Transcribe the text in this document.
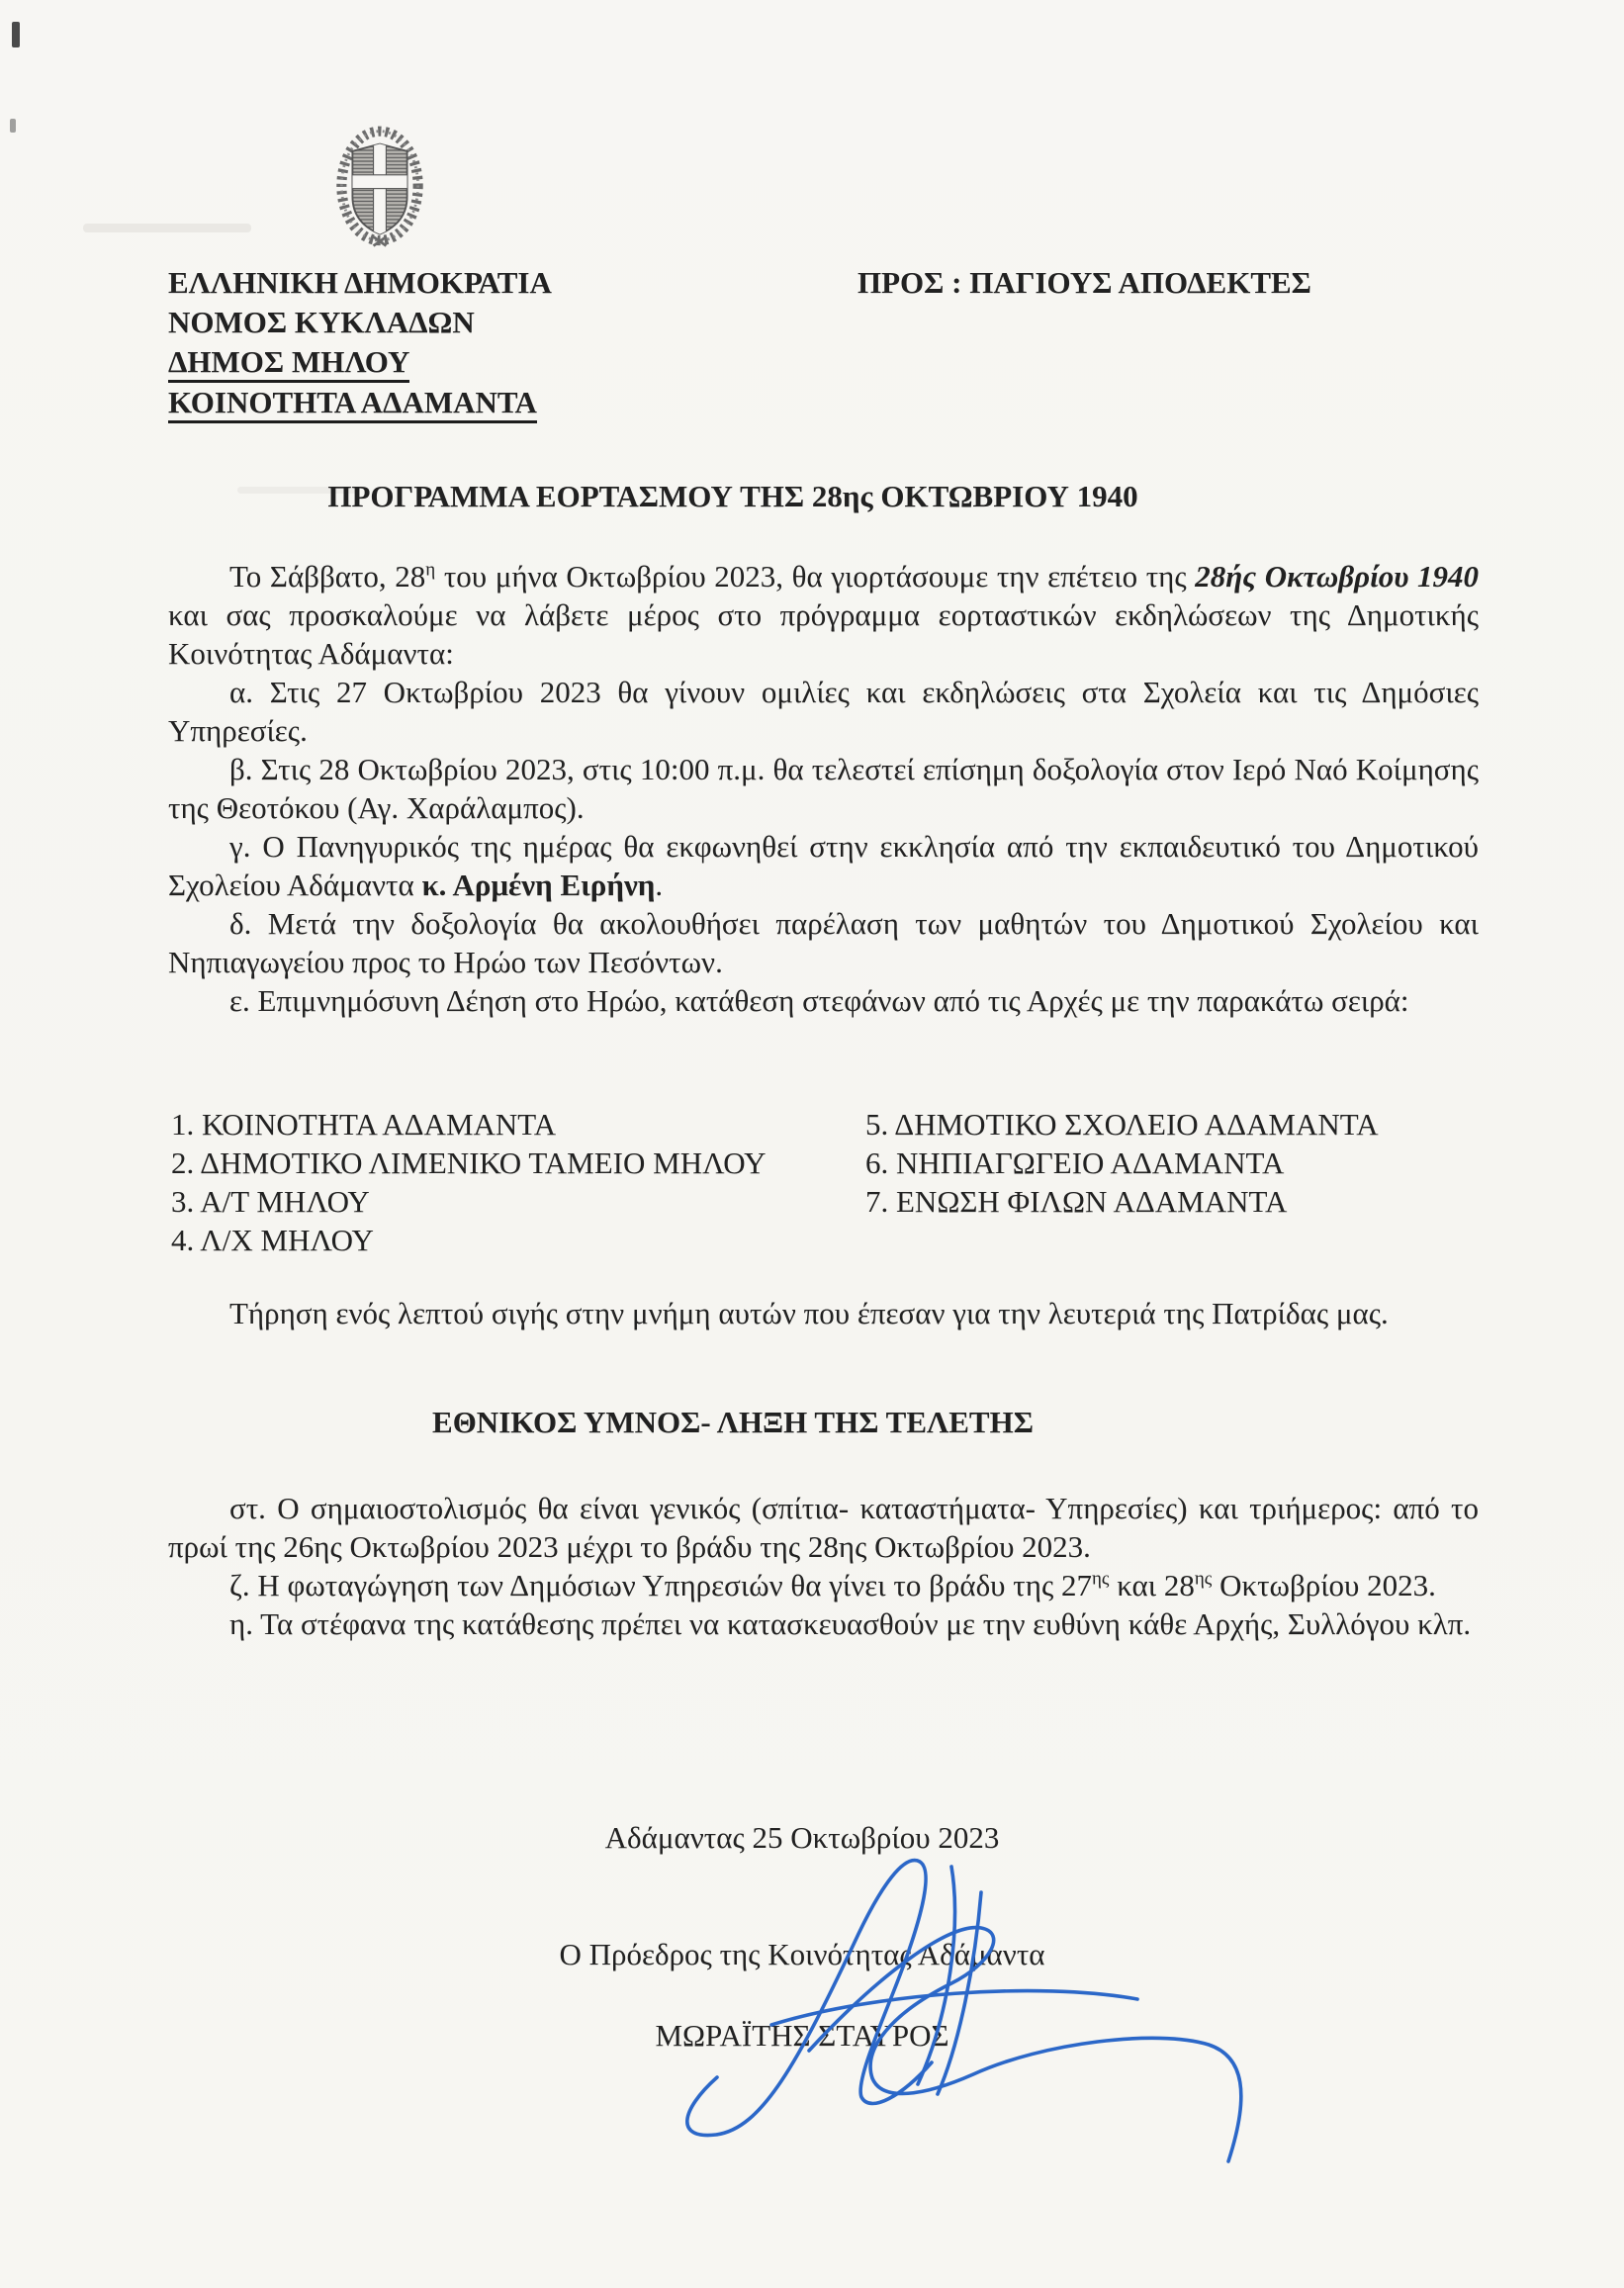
ΕΛΛΗΝΙΚΗ ΔΗΜΟΚΡΑΤΙΑ
ΝΟΜΟΣ ΚΥΚΛΑΔΩΝ
ΔΗΜΟΣ ΜΗΛΟΥ
ΚΟΙΝΟΤΗΤΑ ΑΔΑΜΑΝΤΑ
ΠΡΟΣ : ΠΑΓΙΟΥΣ ΑΠΟΔΕΚΤΕΣ
ΠΡΟΓΡΑΜΜΑ ΕΟΡΤΑΣΜΟΥ ΤΗΣ 28ης ΟΚΤΩΒΡΙΟΥ 1940

Το Σάββατο, $28^\eta$ του μήνα Οκτωβρίου 2023, θα γιορτάσουμε την επέτειο της 28ής Οκτωβρίου 1940 και σας προσκαλούμε να λάβετε μέρος στο πρόγραμμα εορταστικών εκδηλώσεων της Δημοτικής Κοινότητας Αδάμαντα:

α. Στις 27 Οκτωβρίου 2023 θα γίνουν ομιλίες και εκδηλώσεις στα Σχολεία και τις Δημόσιες Υπηρεσίες.

β. Στις 28 Οκτωβρίου 2023, στις 10:00 π.μ. θα τελεστεί επίσημη δοξολογία στον Ιερό Ναό Κοίμησης της Θεοτόκου (Αγ. Χαράλαμπος).

γ. Ο Πανηγυρικός της ημέρας θα εκφωνηθεί στην εκκλησία από την εκπαιδευτικό του Δημοτικού Σχολείου Αδάμαντα κ. Αρμένη Ειρήνη.

δ. Μετά την δοξολογία θα ακολουθήσει παρέλαση των μαθητών του Δημοτικού Σχολείου και Νηπιαγωγείου προς το Ηρώο των Πεσόντων.

ε. Επιμνημόσυνη Δέηση στο Ηρώο, κατάθεση στεφάνων από τις Αρχές με την παρακάτω σειρά:

1. ΚΟΙΝΟΤΗΤΑ ΑΔΑΜΑΝΤΑ
2. ΔΗΜΟΤΙΚΟ ΛΙΜΕΝΙΚΟ ΤΑΜΕΙΟ ΜΗΛΟΥ
3. Α/Τ ΜΗΛΟΥ
4. Λ/Χ ΜΗΛΟΥ
5. ΔΗΜΟΤΙΚΟ ΣΧΟΛΕΙΟ ΑΔΑΜΑΝΤΑ
6. ΝΗΠΙΑΓΩΓΕΙΟ ΑΔΑΜΑΝΤΑ
7. ΕΝΩΣΗ ΦΙΛΩΝ ΑΔΑΜΑΝΤΑ

Τήρηση ενός λεπτού σιγής στην μνήμη αυτών που έπεσαν για την λευτεριά της Πατρίδας μας.

ΕΘΝΙΚΟΣ ΥΜΝΟΣ- ΛΗΞΗ ΤΗΣ ΤΕΛΕΤΗΣ

στ. Ο σημαιοστολισμός θα είναι γενικός (σπίτια- καταστήματα- Υπηρεσίες) και τριήμερος: από το πρωί της 26ης Οκτωβρίου 2023 μέχρι το βράδυ της 28ης Οκτωβρίου 2023.

ζ. Η φωταγώγηση των Δημόσιων Υπηρεσιών θα γίνει το βράδυ της $27^{\eta\varsigma}$ και $28^{\eta\varsigma}$ Οκτωβρίου 2023.

η. Τα στέφανα της κατάθεσης πρέπει να κατασκευασθούν με την ευθύνη κάθε Αρχής, Συλλόγου κλπ.

Αδάμαντας 25 Οκτωβρίου 2023
Ο Πρόεδρος της Κοινότητας Αδάμαντα
ΜΩΡΑΪΤΗΣ ΣΤΑΥΡΟΣ
